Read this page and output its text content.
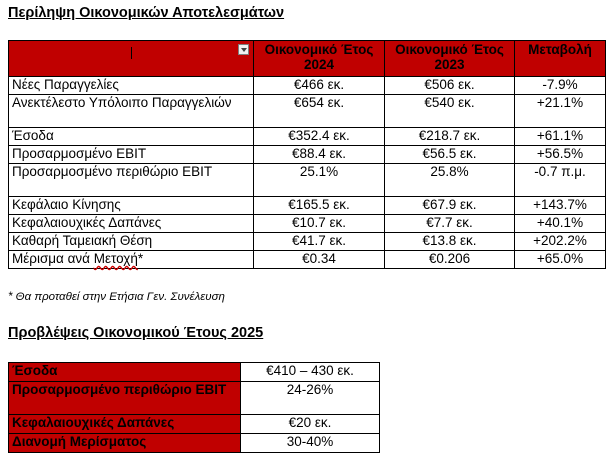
Περίληψη Οικονομικών Αποτελεσμάτων
	Οικονομικό Έτος 2024	Οικονομικό Έτος 2023	Μεταβολή
Νέες Παραγγελίες	€466 εκ.	€506 εκ.	-7.9%
Ανεκτέλεστο Υπόλοιπο Παραγγελιών	€654 εκ.	€540 εκ.	+21.1%
Έσοδα	€352.4 εκ.	€218.7 εκ.	+61.1%
Προσαρμοσμένο EBIT	€88.4 εκ.	€56.5 εκ.	+56.5%
Προσαρμοσμένο περιθώριο EBIT	25.1%	25.8%	-0.7 π.μ.
Κεφάλαιο Κίνησης	€165.5 εκ.	€67.9 εκ.	+143.7%
Κεφαλαιουχικές Δαπάνες	€10.7 εκ.	€7.7 εκ.	+40.1%
Καθαρή Ταμειακή Θέση	€41.7 εκ.	€13.8 εκ.	+202.2%
Μέρισμα ανά Μετοχή*	€0.34	€0.206	+65.0%
* Θα προταθεί στην Ετήσια Γεν. Συνέλευση
Προβλέψεις Οικονομικού Έτους 2025
Έσοδα	€410 – 430 εκ.
Προσαρμοσμένο περιθώριο EBIT	24-26%
Κεφαλαιουχικές Δαπάνες	€20 εκ.
Διανομή Μερίσματος	30-40%
